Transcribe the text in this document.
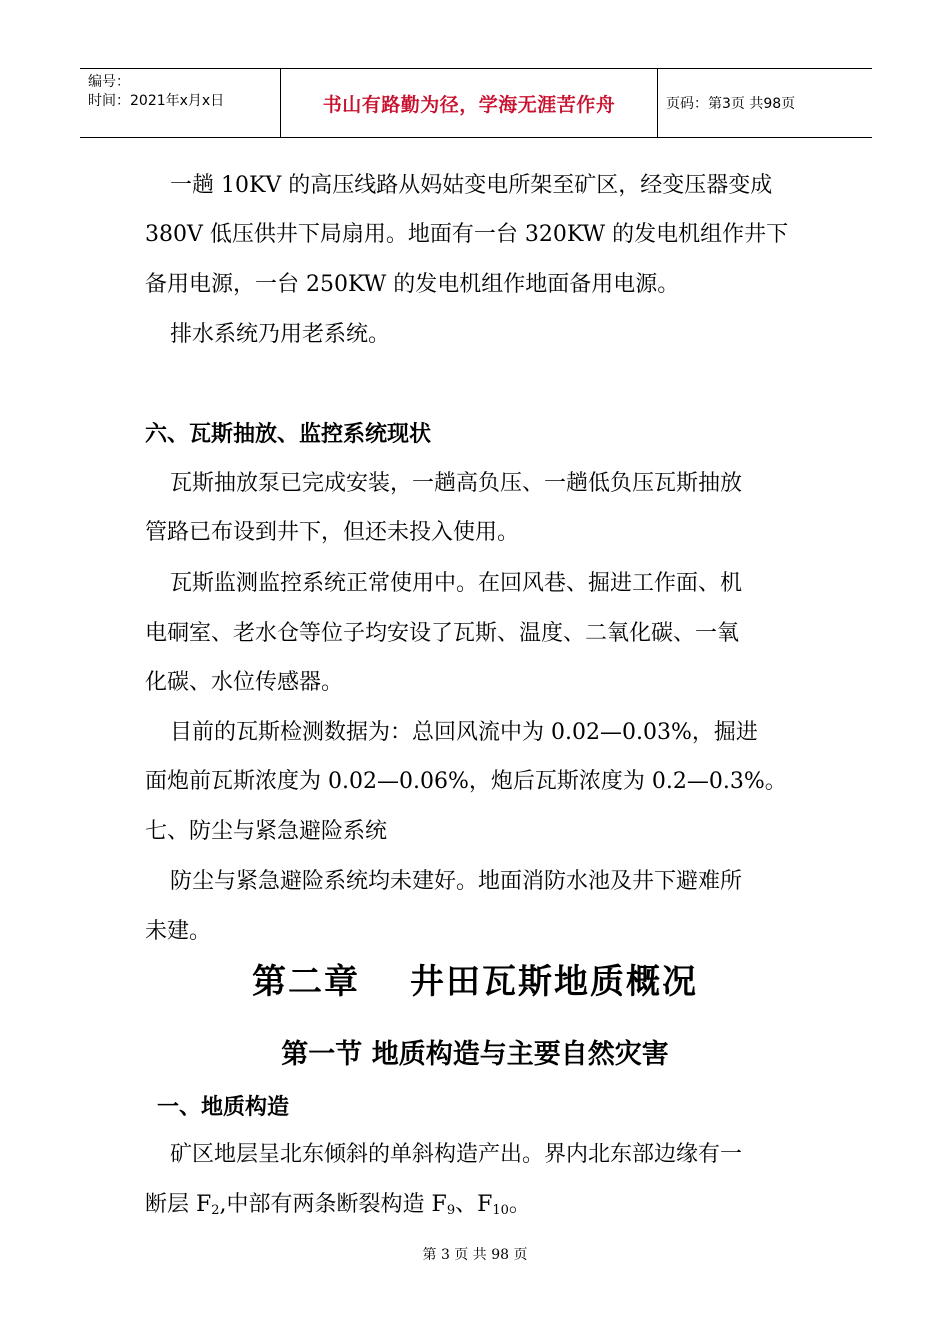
编号：
时间：2021年x月x日	书山有路勤为径，学海无涯苦作舟	页码：第3页 共98页
一趟 10KV 的高压线路从妈姑变电所架至矿区，经变压器变成
380V 低压供井下局扇用。地面有一台 320KW 的发电机组作井下
备用电源，一台 250KW 的发电机组作地面备用电源。
排水系统乃用老系统。
六、瓦斯抽放、监控系统现状
瓦斯抽放泵已完成安装，一趟高负压、一趟低负压瓦斯抽放
管路已布设到井下，但还未投入使用。
瓦斯监测监控系统正常使用中。在回风巷、掘进工作面、机
电硐室、老水仓等位子均安设了瓦斯、温度、二氧化碳、一氧
化碳、水位传感器。
目前的瓦斯检测数据为：总回风流中为 0.02—0.03%，掘进
面炮前瓦斯浓度为 0.02—0.06%，炮后瓦斯浓度为 0.2—0.3%。
七、防尘与紧急避险系统
防尘与紧急避险系统均未建好。地面消防水池及井下避难所
未建。
第二章 井田瓦斯地质概况
第一节 地质构造与主要自然灾害
一、地质构造
矿区地层呈北东倾斜的单斜构造产出。界内北东部边缘有一
断层 $F_2$,中部有两条断裂构造 $F_9$、$F_{10}$。
第 3 页 共 98 页
